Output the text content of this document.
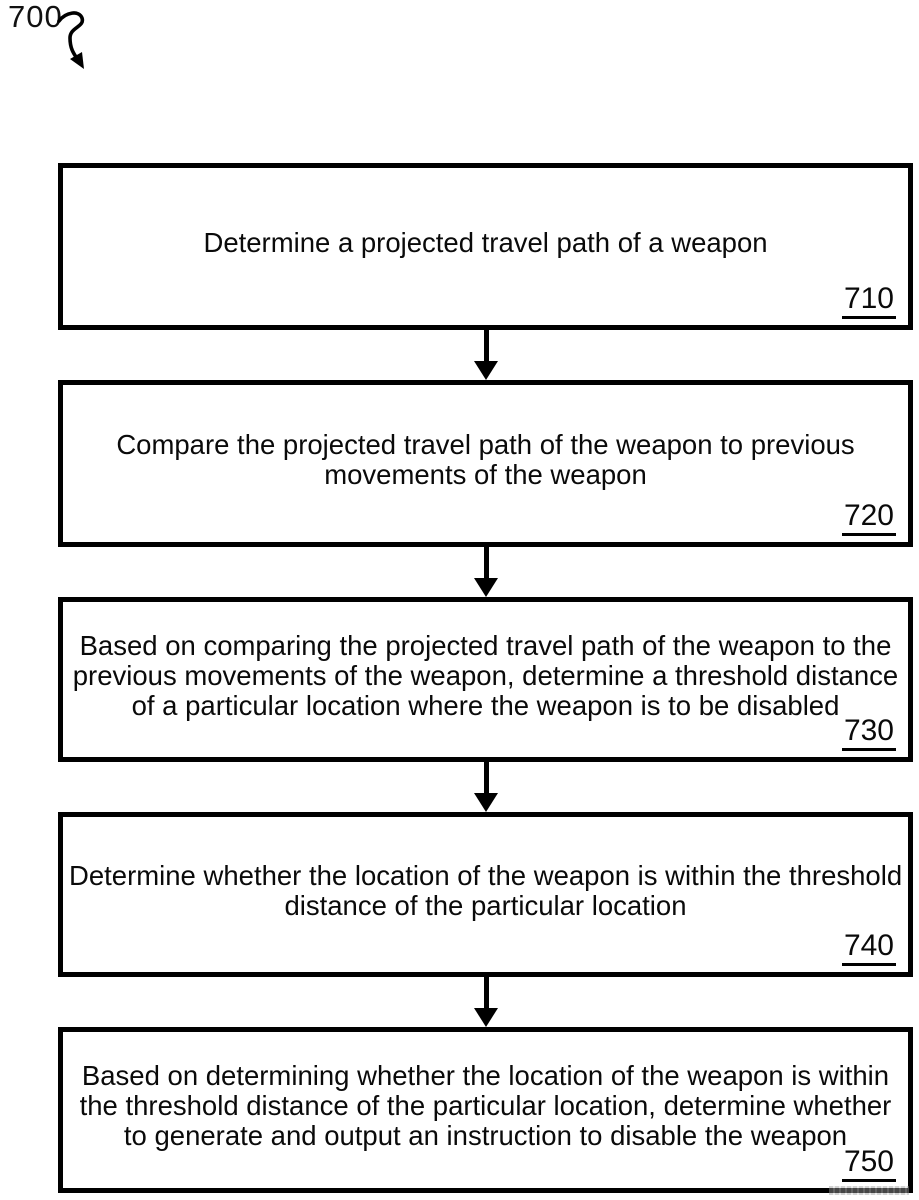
700
Determine a projected travel path of a weapon
710
Compare the projected travel path of the weapon to previous
movements of the weapon
720
Based on comparing the projected travel path of the weapon to the
previous movements of the weapon, determine a threshold distance
of a particular location where the weapon is to be disabled
730
Determine whether the location of the weapon is within the threshold
distance of the particular location
740
Based on determining whether the location of the weapon is within
the threshold distance of the particular location, determine whether
to generate and output an instruction to disable the weapon
750
